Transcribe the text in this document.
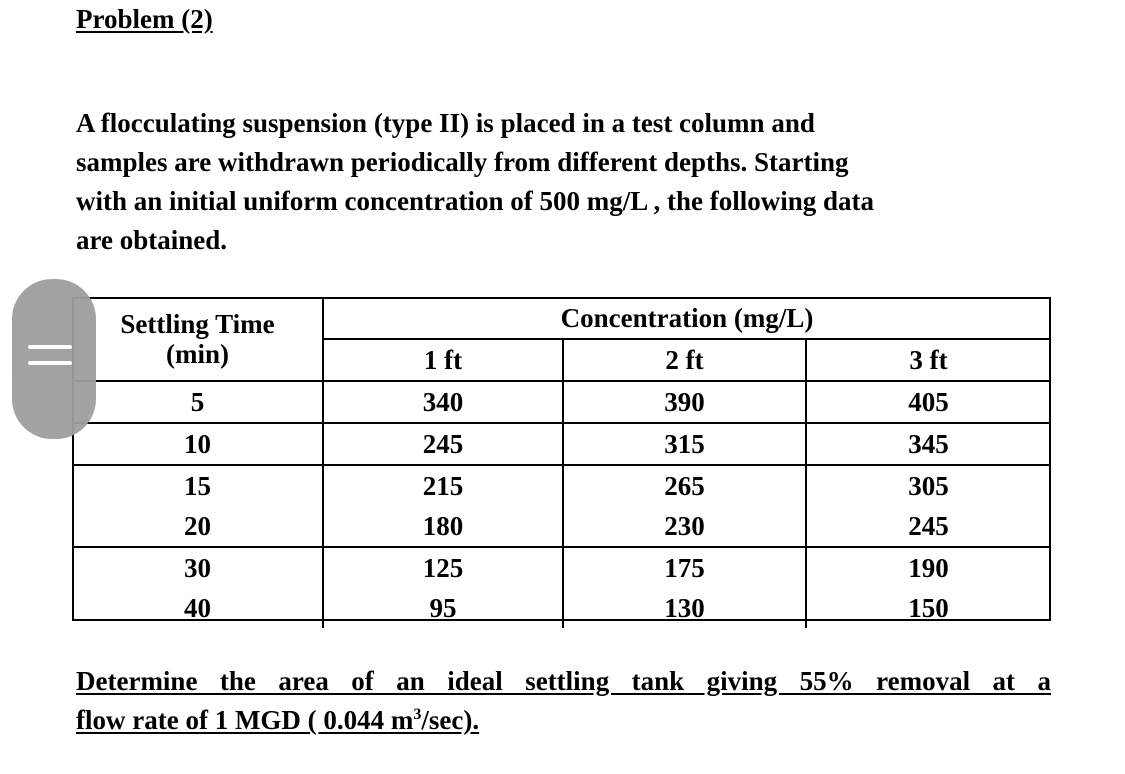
Problem (2)

A flocculating suspension (type II) is placed in a test column and
samples are withdrawn periodically from different depths. Starting
with an initial uniform concentration of 500 mg/L , the following data
are obtained.

Settling Time
(min)	Concentration (mg/L)		
	1 ft	2 ft	3 ft
5	340	390	405
10	245	315	345
15	215	265	305
20	180	230	245
30	125	175	190
40	95	130	150

Determine the area of an ideal settling tank giving 55% removal at a
flow rate of 1 MGD ( 0.044 $m^3/\sec$).
